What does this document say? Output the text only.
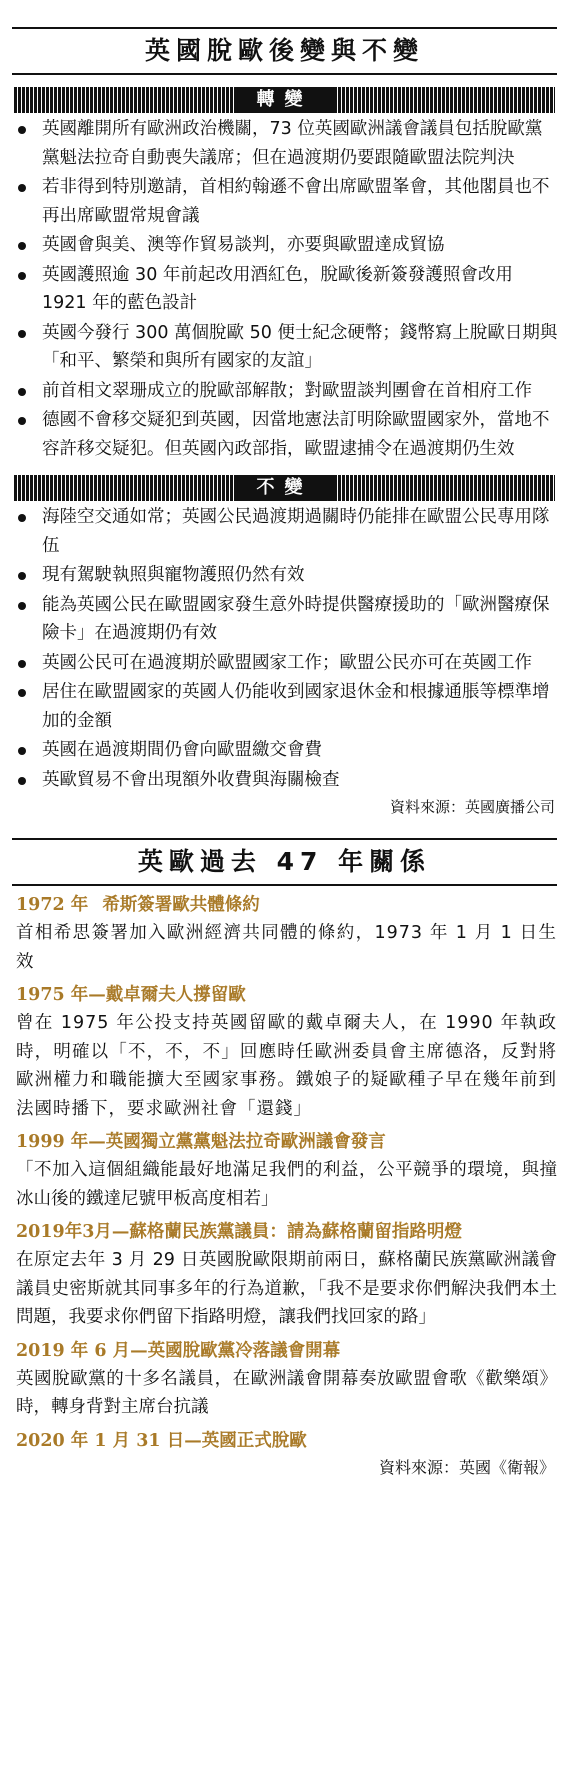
英國脫歐後變與不變
轉變
英國離開所有歐洲政治機關，73 位英國歐洲議會議員包括脫歐黨黨魁法拉奇自動喪失議席；但在過渡期仍要跟隨歐盟法院判決
若非得到特別邀請，首相約翰遜不會出席歐盟峯會，其他閣員也不再出席歐盟常規會議
英國會與美、澳等作貿易談判，亦要與歐盟達成貿協
英國護照逾 30 年前起改用酒紅色，脫歐後新簽發護照會改用 1921 年的藍色設計
英國今發行 300 萬個脫歐 50 便士紀念硬幣；錢幣寫上脫歐日期與「和平、繁榮和與所有國家的友誼」
前首相文翠珊成立的脫歐部解散；對歐盟談判團會在首相府工作
德國不會移交疑犯到英國，因當地憲法訂明除歐盟國家外，當地不容許移交疑犯。但英國內政部指，歐盟逮捕令在過渡期仍生效
不變
海陸空交通如常；英國公民過渡期過關時仍能排在歐盟公民專用隊伍
現有駕駛執照與寵物護照仍然有效
能為英國公民在歐盟國家發生意外時提供醫療援助的「歐洲醫療保險卡」在過渡期仍有效
英國公民可在過渡期於歐盟國家工作；歐盟公民亦可在英國工作
居住在歐盟國家的英國人仍能收到國家退休金和根據通脹等標準增加的金額
英國在過渡期間仍會向歐盟繳交會費
英歐貿易不會出現額外收費與海關檢查
資料來源：英國廣播公司
英歐過去 47 年關係
1972 年 希斯簽署歐共體條約
首相希思簽署加入歐洲經濟共同體的條約，1973 年 1 月 1 日生效
1975 年—戴卓爾夫人撐留歐
曾在 1975 年公投支持英國留歐的戴卓爾夫人，在 1990 年執政時，明確以「不，不，不」回應時任歐洲委員會主席德洛，反對將歐洲權力和職能擴大至國家事務。鐵娘子的疑歐種子早在幾年前到法國時播下，要求歐洲社會「還錢」
1999 年—英國獨立黨黨魁法拉奇歐洲議會發言
「不加入這個組織能最好地滿足我們的利益，公平競爭的環境，與撞冰山後的鐵達尼號甲板高度相若」
2019年3月—蘇格蘭民族黨議員：請為蘇格蘭留指路明燈
在原定去年 3 月 29 日英國脫歐限期前兩日，蘇格蘭民族黨歐洲議會議員史密斯就其同事多年的行為道歉，「我不是要求你們解決我們本土問題，我要求你們留下指路明燈，讓我們找回家的路」
2019 年 6 月—英國脫歐黨冷落議會開幕
英國脫歐黨的十多名議員，在歐洲議會開幕奏放歐盟會歌《歡樂頌》時，轉身背對主席台抗議
2020 年 1 月 31 日—英國正式脫歐
資料來源：英國《衛報》
